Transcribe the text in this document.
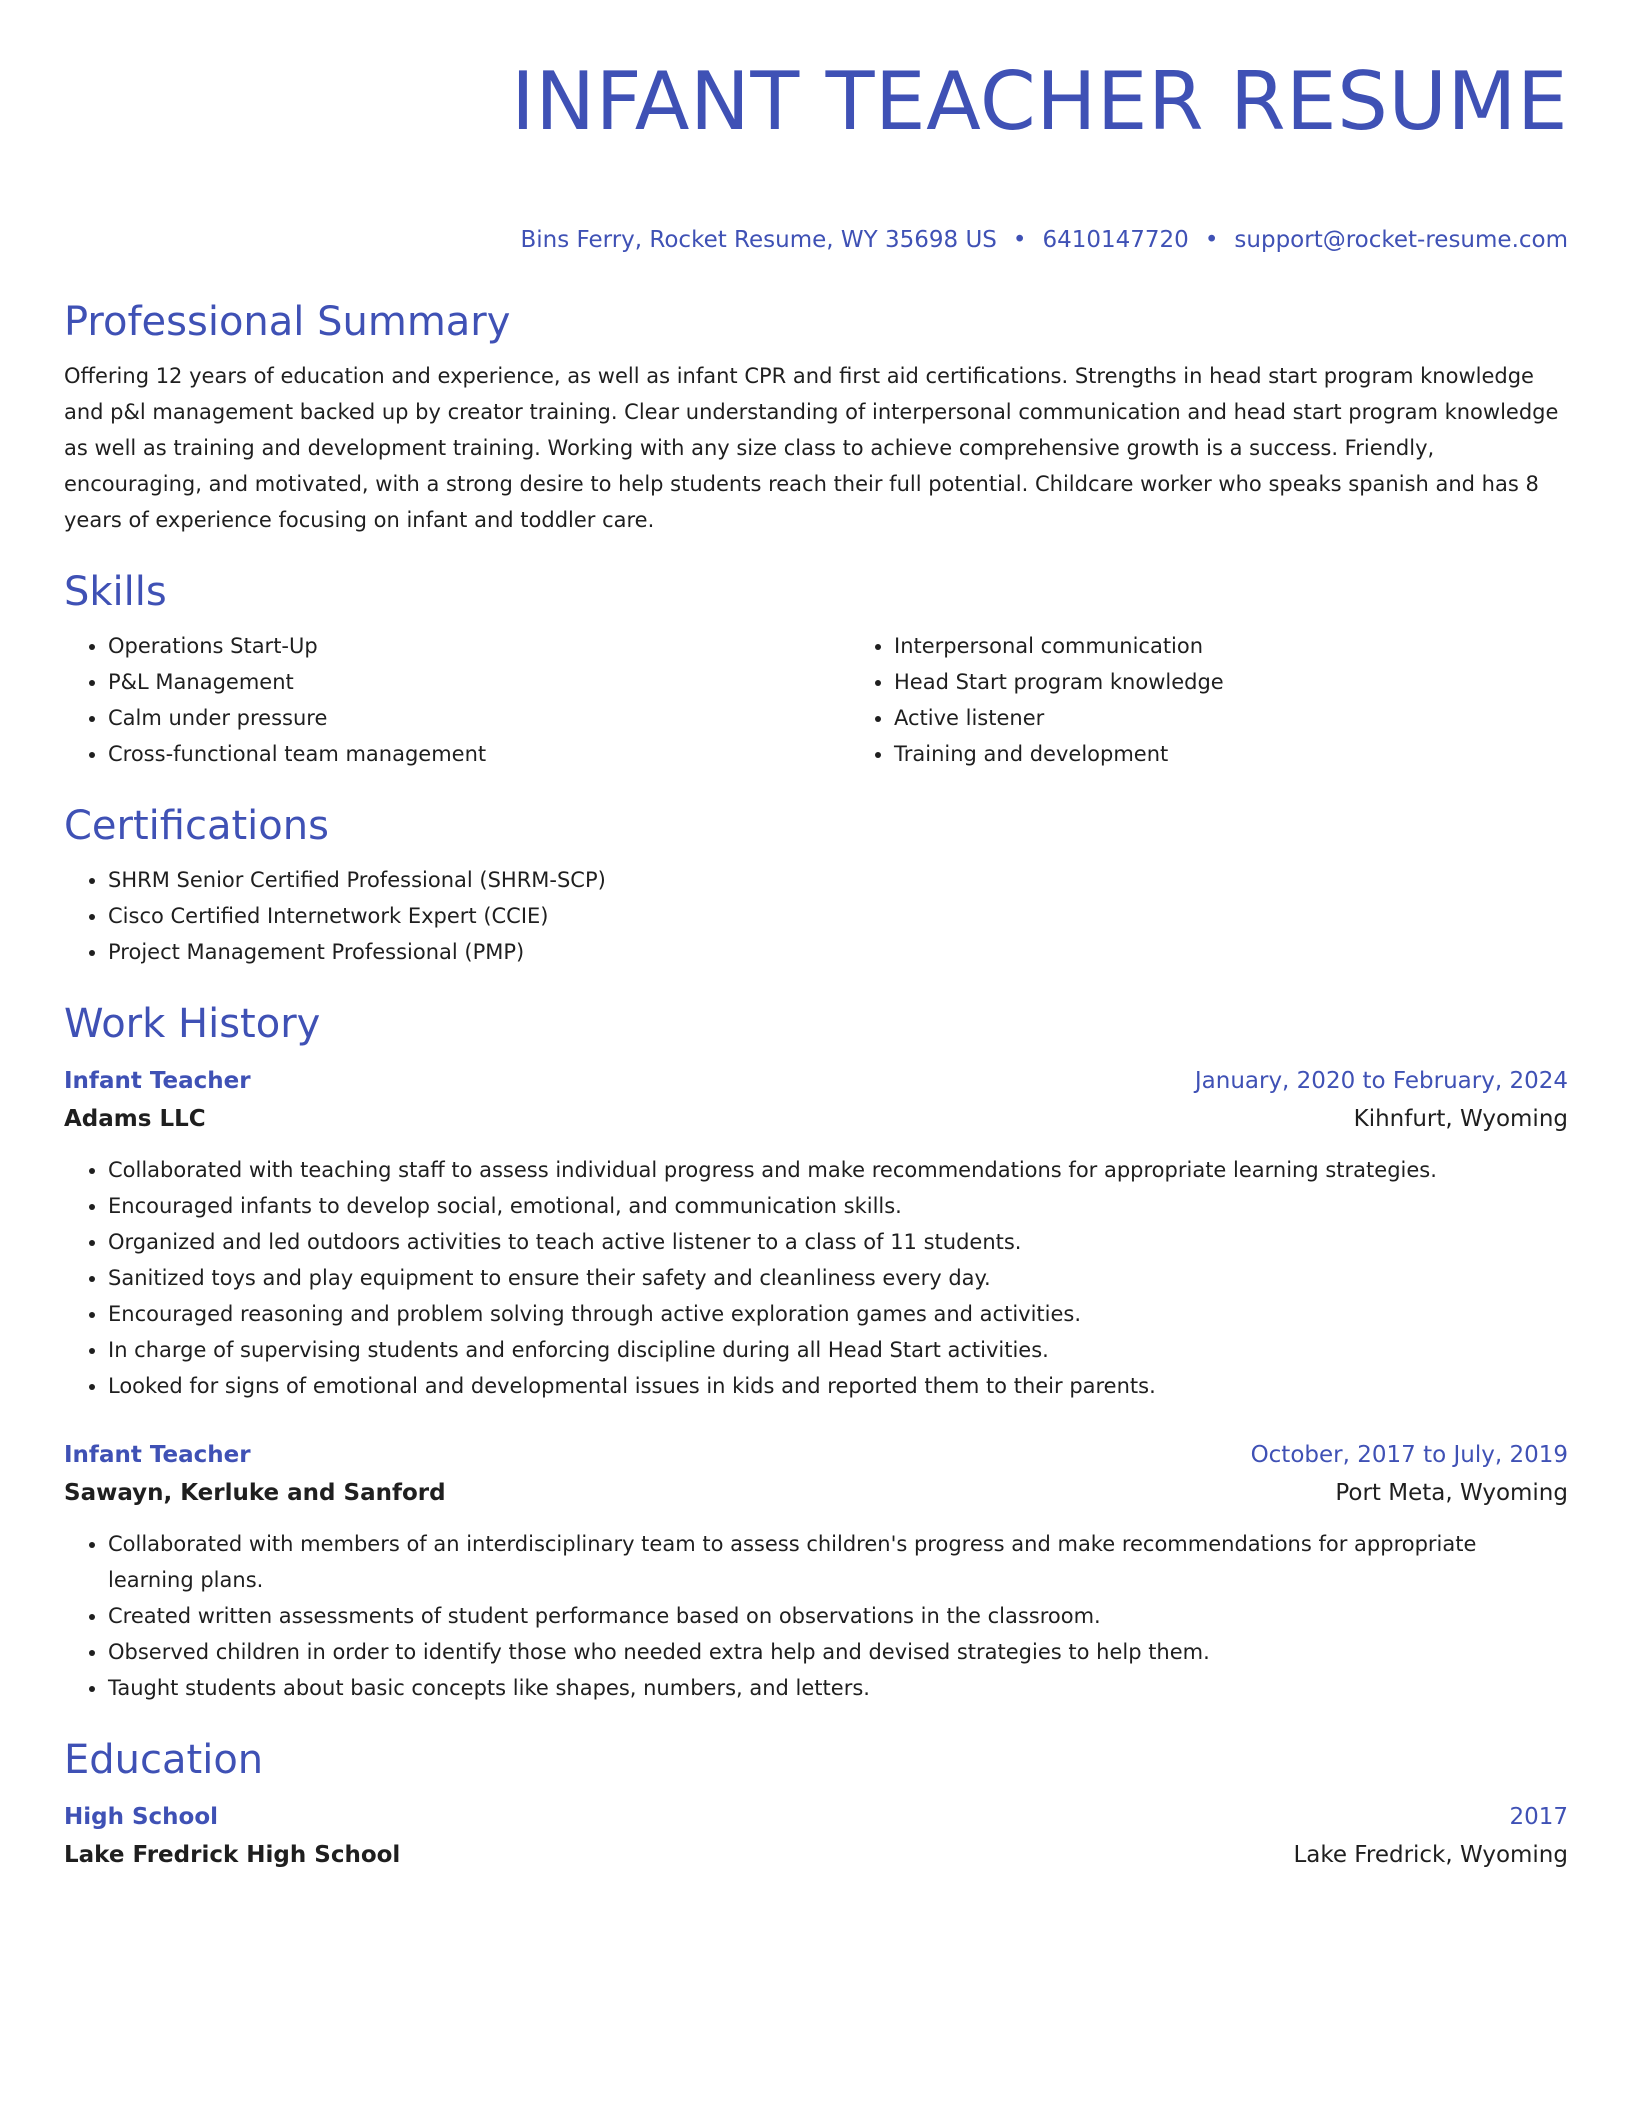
INFANT TEACHER RESUME
Bins Ferry, Rocket Resume, WY 35698 US • 6410147720 • support@rocket-resume.com
Professional Summary

Offering 12 years of education and experience, as well as infant CPR and first aid certifications. Strengths in head start program knowledge and p&l management backed up by creator training. Clear understanding of interpersonal communication and head start program knowledge as well as training and development training. Working with any size class to achieve comprehensive growth is a success. Friendly, encouraging, and motivated, with a strong desire to help students reach their full potential. Childcare worker who speaks spanish and has 8 years of experience focusing on infant and toddler care.

Skills
• Operations Start-Up
• P&L Management
• Calm under pressure
• Cross-functional team management
• Interpersonal communication
• Head Start program knowledge
• Active listener
• Training and development
Certifications
• SHRM Senior Certified Professional (SHRM-SCP)
• Cisco Certified Internetwork Expert (CCIE)
• Project Management Professional (PMP)
Work History
Infant Teacher	January, 2020 to February, 2024
Adams LLC	Kihnfurt, Wyoming
• Collaborated with teaching staff to assess individual progress and make recommendations for appropriate learning strategies.
• Encouraged infants to develop social, emotional, and communication skills.
• Organized and led outdoors activities to teach active listener to a class of 11 students.
• Sanitized toys and play equipment to ensure their safety and cleanliness every day.
• Encouraged reasoning and problem solving through active exploration games and activities.
• In charge of supervising students and enforcing discipline during all Head Start activities.
• Looked for signs of emotional and developmental issues in kids and reported them to their parents.
Infant Teacher	October, 2017 to July, 2019
Sawayn, Kerluke and Sanford	Port Meta, Wyoming
• Collaborated with members of an interdisciplinary team to assess children's progress and make recommendations for appropriate learning plans.
• Created written assessments of student performance based on observations in the classroom.
• Observed children in order to identify those who needed extra help and devised strategies to help them.
• Taught students about basic concepts like shapes, numbers, and letters.
Education
High School	2017
Lake Fredrick High School	Lake Fredrick, Wyoming
